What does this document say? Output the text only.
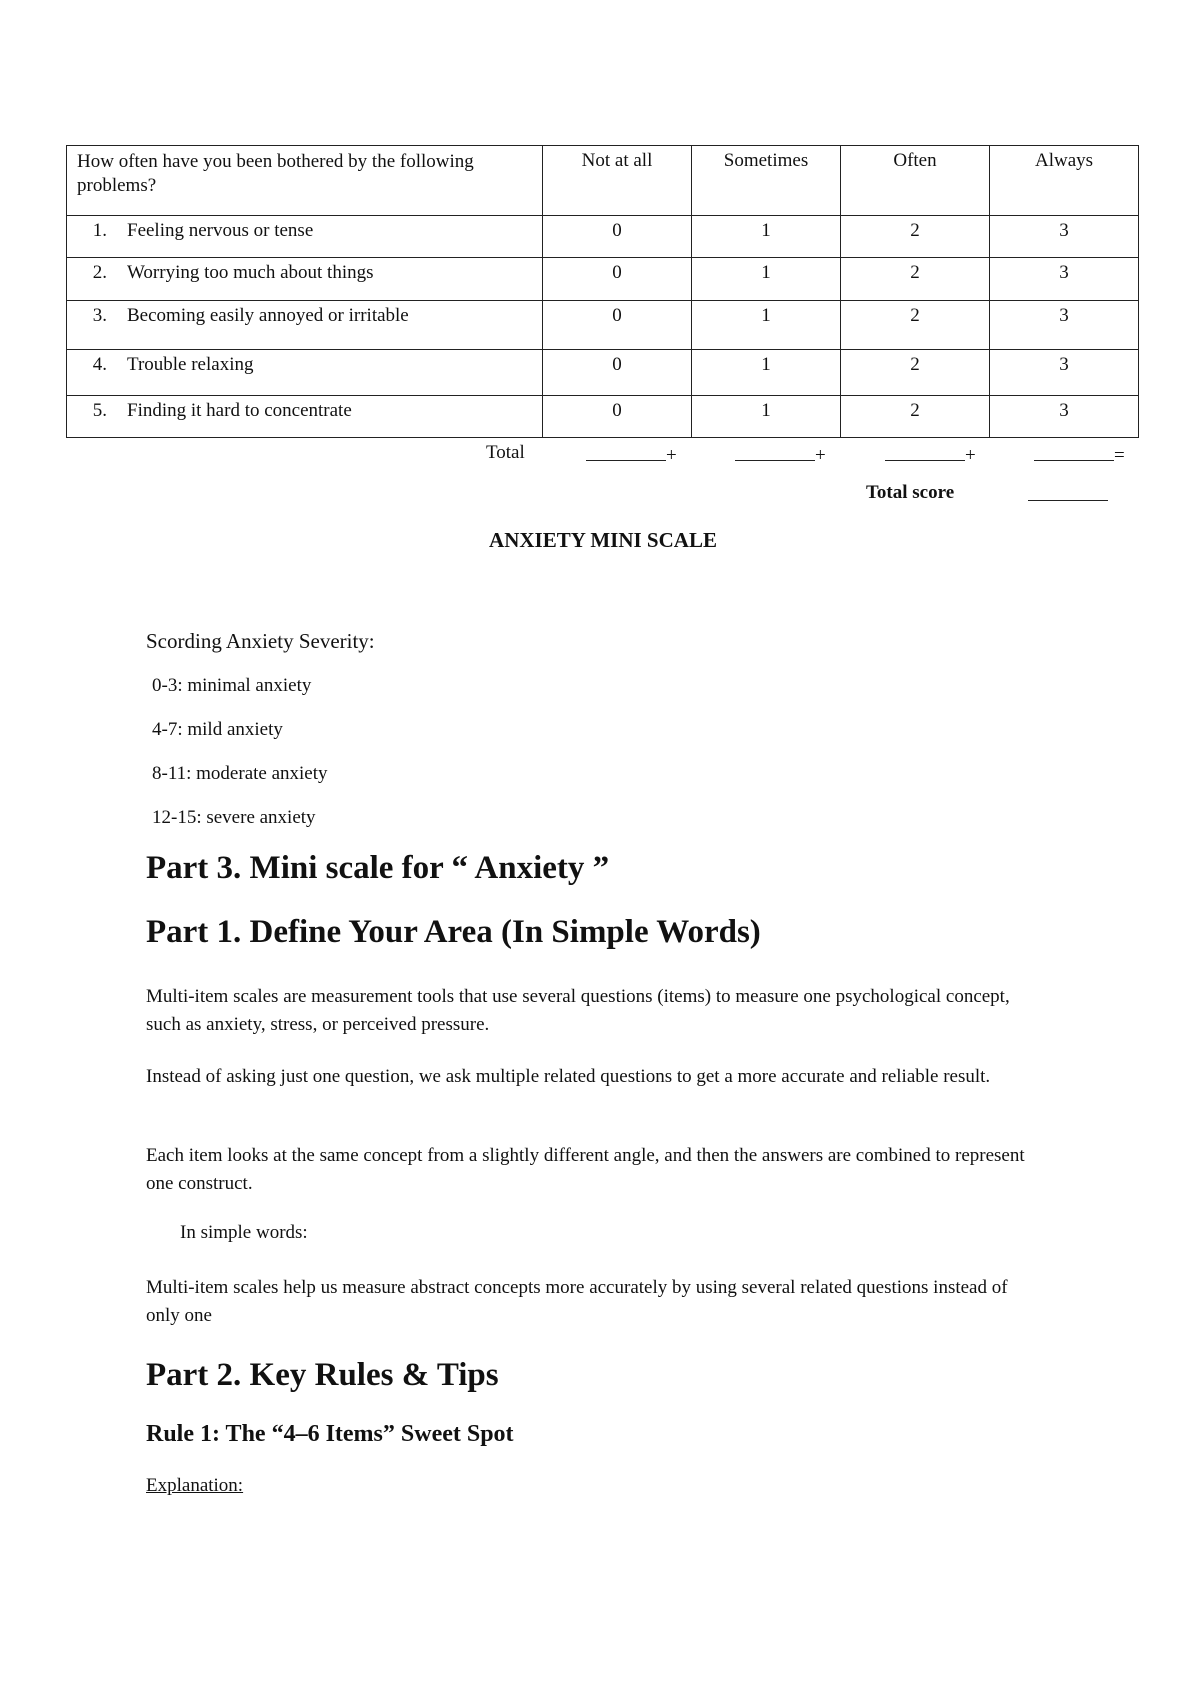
How often have you been bothered by the following problems?	Not at all	Sometimes	Often	Always
1. Feeling nervous or tense	0	1	2	3
2. Worrying too much about things	0	1	2	3
3. Becoming easily annoyed or irritable	0	1	2	3
4. Trouble relaxing	0	1	2	3
5. Finding it hard to concentrate	0	1	2	3
Total	+	+	+	=
Total score
ANXIETY MINI SCALE
Scording Anxiety Severity:
0-3: minimal anxiety
4-7: mild anxiety
8-11: moderate anxiety
12-15: severe anxiety
Part 3. Mini scale for “ Anxiety ”
Part 1. Define Your Area (In Simple Words)
Multi-item scales are measurement tools that use several questions (items) to measure one psychological concept, such as anxiety, stress, or perceived pressure.
Instead of asking just one question, we ask multiple related questions to get a more accurate and reliable result.
Each item looks at the same concept from a slightly different angle, and then the answers are combined to represent one construct.
In simple words:
Multi-item scales help us measure abstract concepts more accurately by using several related questions instead of only one
Part 2. Key Rules & Tips
Rule 1: The “4–6 Items” Sweet Spot
Explanation:
